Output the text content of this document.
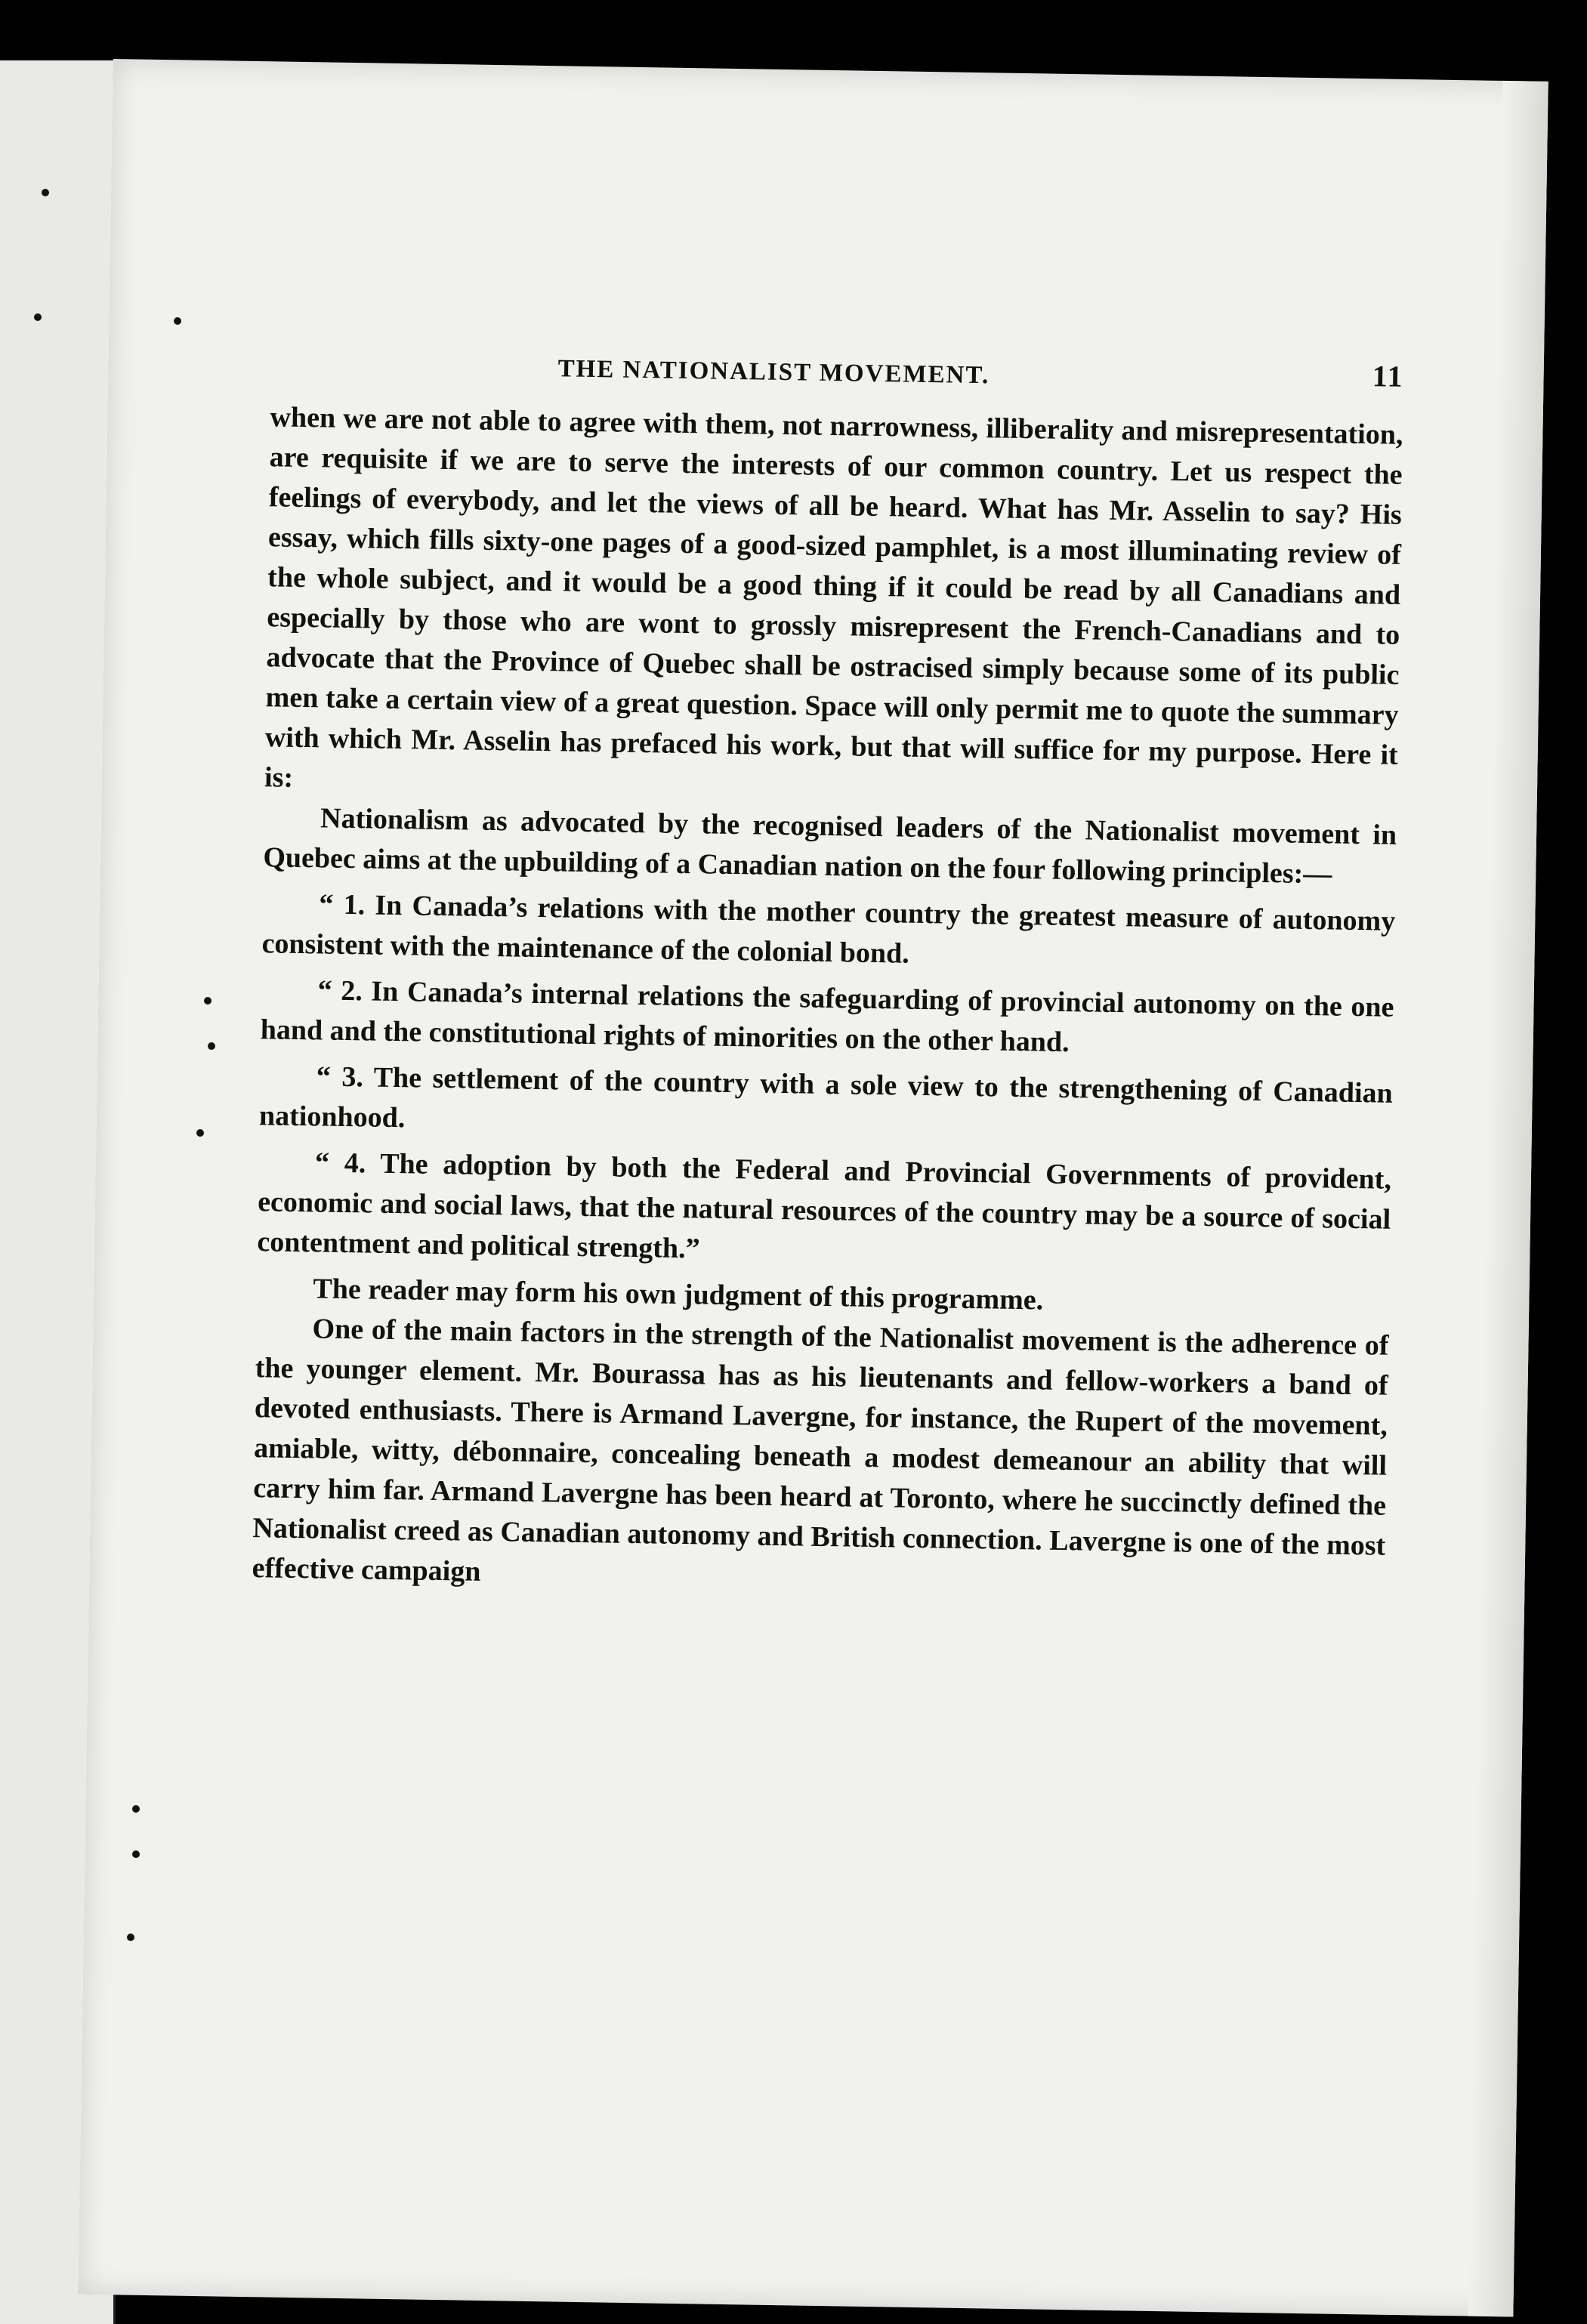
THE NATIONALIST MOVEMENT.	11

when we are not able to agree with them, not narrowness, illiberality and misrepresentation, are requisite if we are to serve the interests of our common country. Let us respect the feelings of everybody, and let the views of all be heard. What has Mr. Asselin to say? His essay, which fills sixty-one pages of a good-sized pamphlet, is a most illuminating review of the whole subject, and it would be a good thing if it could be read by all Canadians and especially by those who are wont to grossly misrepresent the French-Canadians and to advocate that the Province of Quebec shall be ostracised simply because some of its public men take a certain view of a great question. Space will only permit me to quote the summary with which Mr. Asselin has prefaced his work, but that will suffice for my purpose. Here it is:

Nationalism as advocated by the recognised leaders of the Nationalist movement in Quebec aims at the upbuilding of a Canadian nation on the four following principles:—

“ 1. In Canada’s relations with the mother country the greatest measure of autonomy consistent with the maintenance of the colonial bond.

“ 2. In Canada’s internal relations the safeguarding of provincial autonomy on the one hand and the constitutional rights of minorities on the other hand.

“ 3. The settlement of the country with a sole view to the strengthening of Canadian nationhood.

“ 4. The adoption by both the Federal and Provincial Governments of provident, economic and social laws, that the natural resources of the country may be a source of social contentment and political strength.”

The reader may form his own judgment of this programme.

One of the main factors in the strength of the Nationalist movement is the adherence of the younger element. Mr. Bourassa has as his lieutenants and fellow-workers a band of devoted enthusiasts. There is Armand Lavergne, for instance, the Rupert of the movement, amiable, witty, débonnaire, concealing beneath a modest demeanour an ability that will carry him far. Armand Lavergne has been heard at Toronto, where he succinctly defined the Nationalist creed as Canadian autonomy and British connection. Lavergne is one of the most effective campaign
